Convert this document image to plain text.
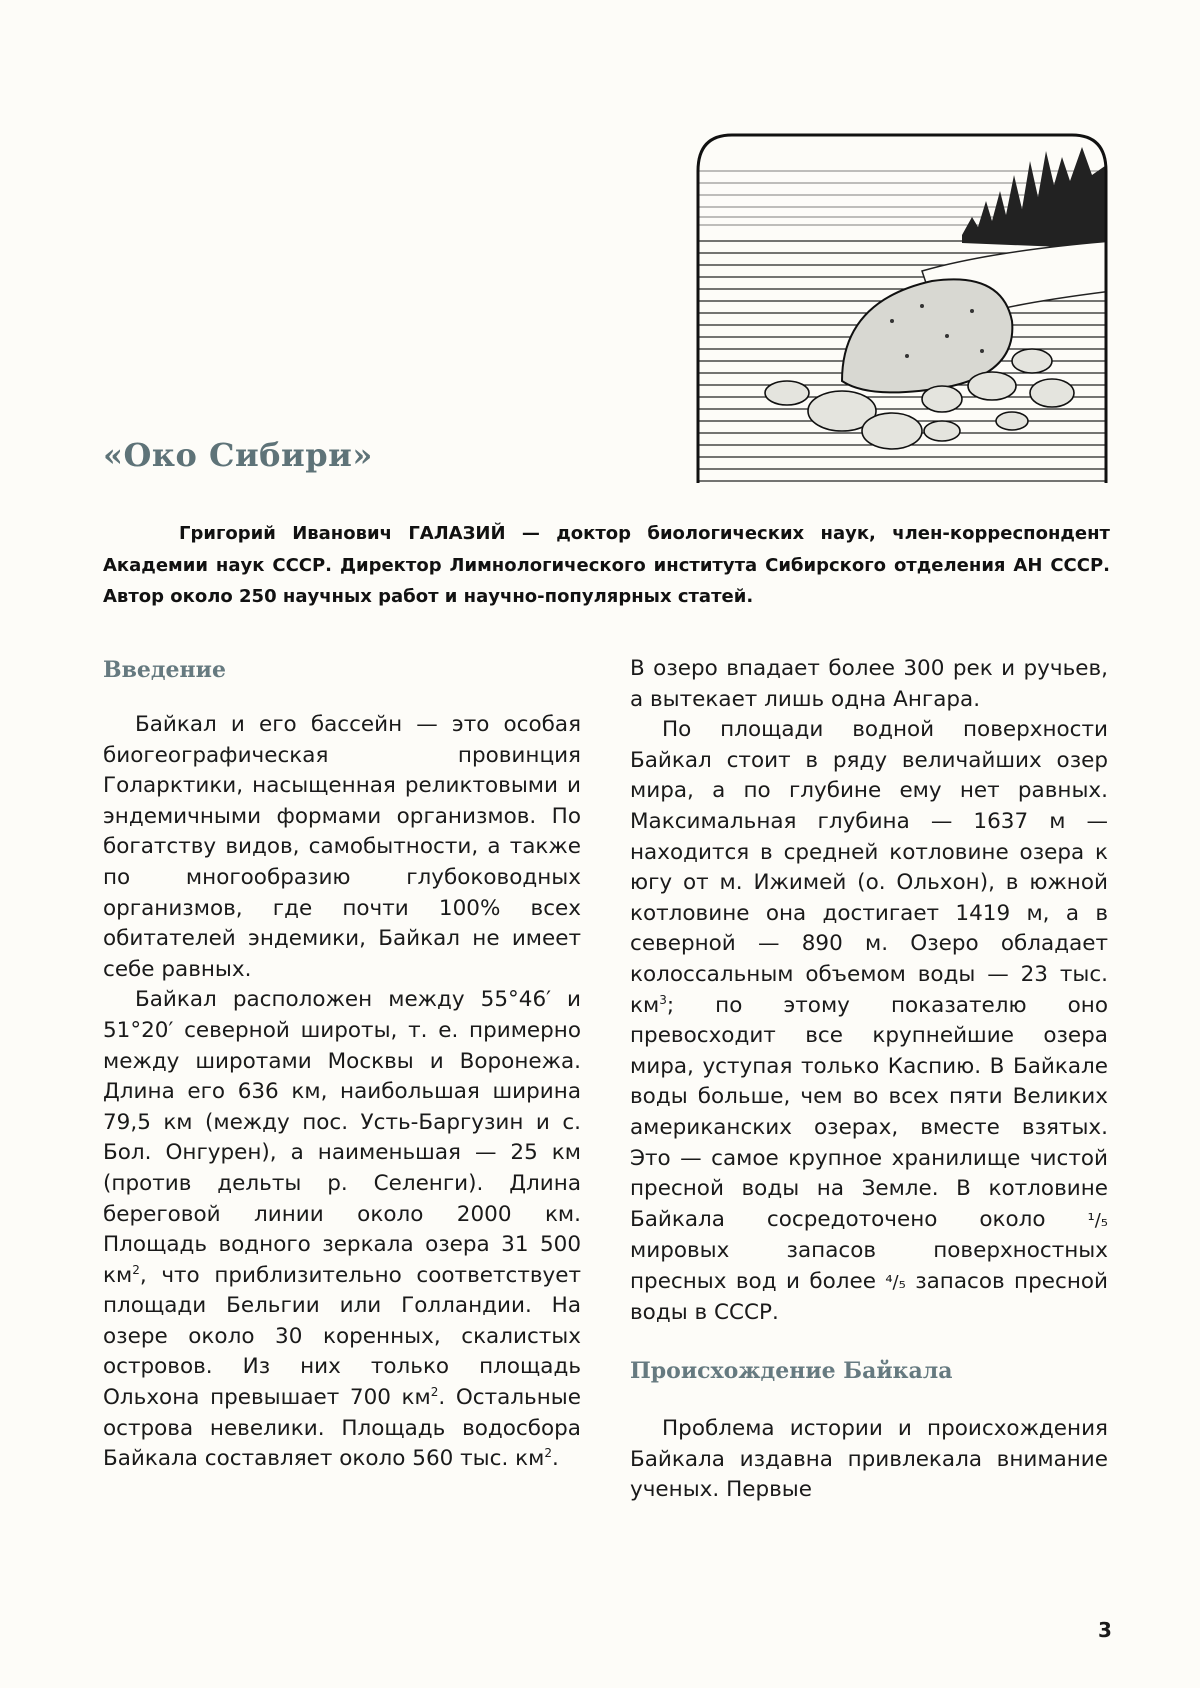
«Око Сибири»

Григорий Иванович ГАЛАЗИЙ — доктор биологических наук, член-корреспондент Академии наук СССР. Директор Лимнологического института Сибирского отделения АН СССР. Автор около 250 научных работ и научно-популярных статей.

Введение

Байкал и его бассейн — это особая биогеографическая провинция Голарктики, насыщенная реликтовыми и эндемичными формами организмов. По богатству видов, самобытности, а также по многообразию глубоководных организмов, где почти 100% всех обитателей эндемики, Байкал не имеет себе равных.

Байкал расположен между 55°46′ и 51°20′ северной широты, т. е. примерно между широтами Москвы и Воронежа. Длина его 636 км, наибольшая ширина 79,5 км (между пос. Усть-Баргузин и с. Бол. Онгурен), а наименьшая — 25 км (против дельты р. Селенги). Длина береговой линии около 2000 км. Площадь водного зеркала озера 31 500 $км^2$, что приблизительно соответствует площади Бельгии или Голландии. На озере около 30 коренных, скалистых островов. Из них только площадь Ольхона превышает 700 $км^2$. Остальные острова невелики. Площадь водосбора Байкала составляет около 560 тыс. $км^2$.

В озеро впадает более 300 рек и ручьев, а вытекает лишь одна Ангара.

По площади водной поверхности Байкал стоит в ряду величайших озер мира, а по глубине ему нет равных. Максимальная глубина — 1637 м — находится в средней котловине озера к югу от м. Ижимей (о. Ольхон), в южной котловине она достигает 1419 м, а в северной — 890 м. Озеро обладает колоссальным объемом воды — 23 тыс. $км^3$; по этому показателю оно превосходит все крупнейшие озера мира, уступая только Каспию. В Байкале воды больше, чем во всех пяти Великих американских озерах, вместе взятых. Это — самое крупное хранилище чистой пресной воды на Земле. В котловине Байкала сосредоточено около ¹/₅ мировых запасов поверхностных пресных вод и более ⁴/₅ запасов пресной воды в СССР.

Происхождение Байкала

Проблема истории и происхождения Байкала издавна привлекала внимание ученых. Первые

3
